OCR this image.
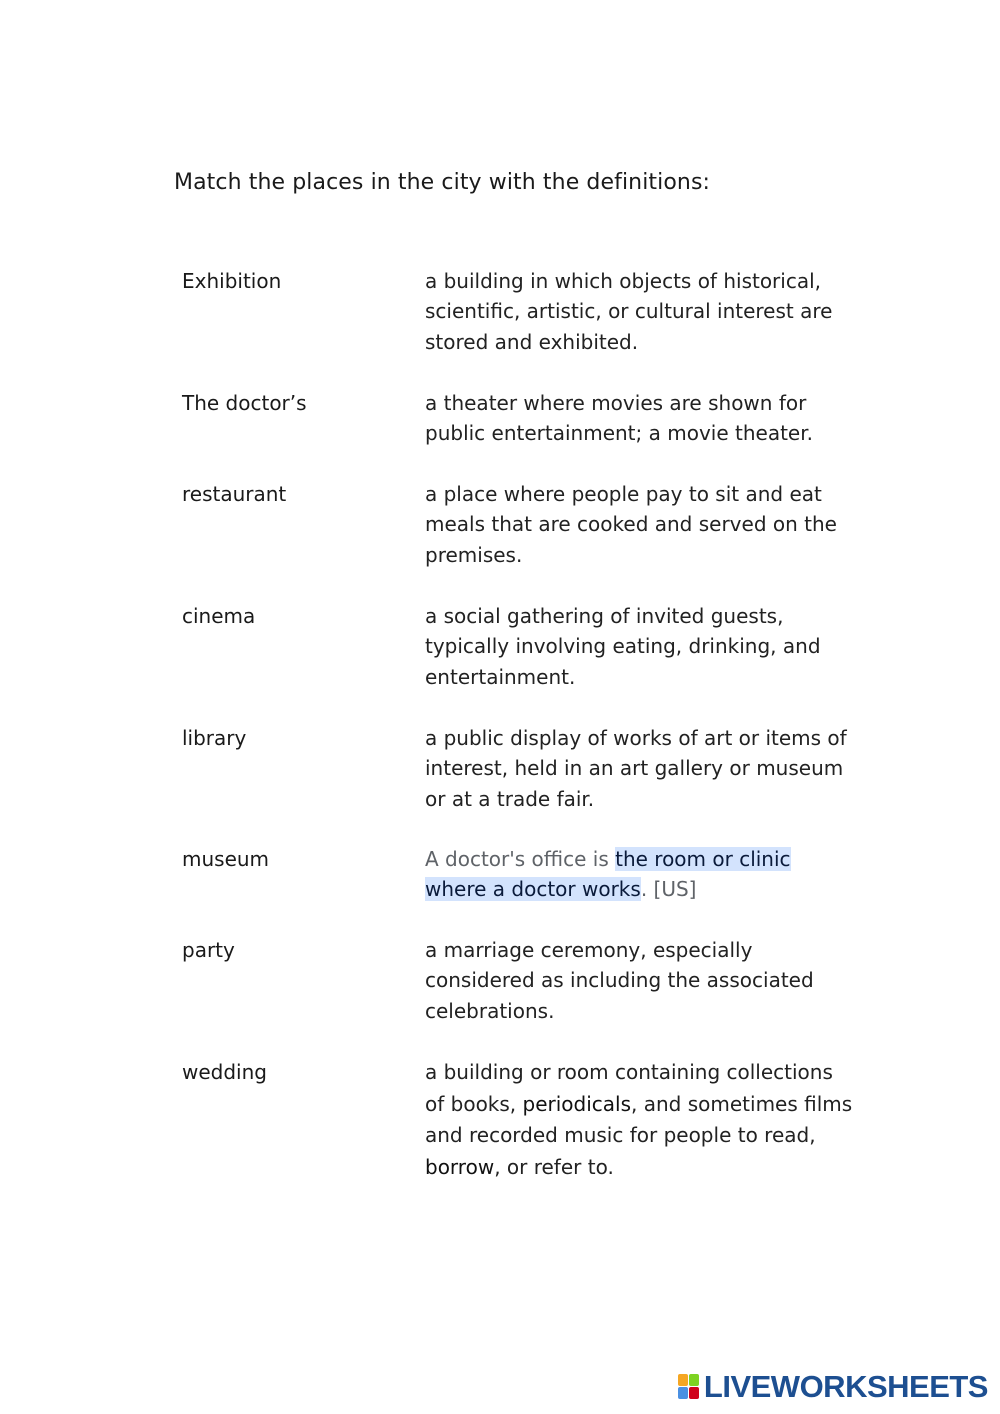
Match the places in the city with the definitions:
Exhibition	a building in which objects of historical, scientific, artistic, or cultural interest are stored and exhibited.
The doctor’s	a theater where movies are shown for public entertainment; a movie theater.
restaurant	a place where people pay to sit and eat meals that are cooked and served on the premises.
cinema	a social gathering of invited guests, typically involving eating, drinking, and entertainment.
library	a public display of works of art or items of interest, held in an art gallery or museum or at a trade fair.
museum	A doctor's office is the room or clinic where a doctor works. [US]
party	a marriage ceremony, especially considered as including the associated celebrations.
wedding	a building or room containing collections of books, periodicals, and sometimes films and recorded music for people to read, borrow, or refer to.
LIVEWORKSHEETS
